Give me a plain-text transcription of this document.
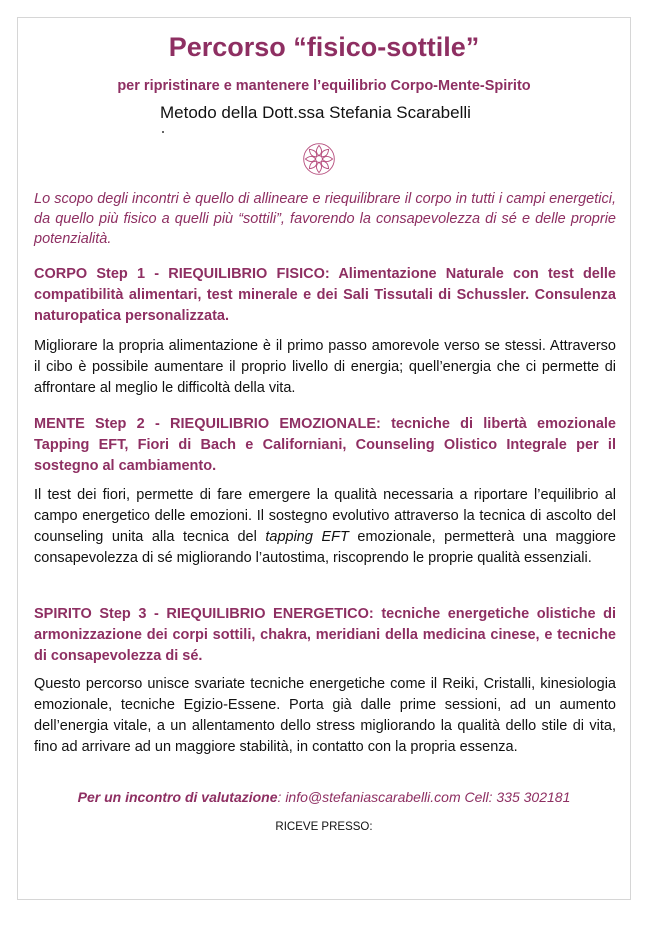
Percorso “fisico-sottile”

per ripristinare e mantenere l’equilibrio Corpo-Mente-Spirito

Metodo della Dott.ssa Stefania Scarabelli

Lo scopo degli incontri è quello di allineare e riequilibrare il corpo in tutti i campi energetici, da quello più fisico a quelli più “sottili”, favorendo la consapevolezza di sé e delle proprie potenzialità.

CORPO Step 1 - RIEQUILIBRIO FISICO: Alimentazione Naturale con test delle compatibilità alimentari, test minerale e dei Sali Tissutali di Schussler. Consulenza naturopatica personalizzata.

Migliorare la propria alimentazione è il primo passo amorevole verso se stessi. Attraverso il cibo è possibile aumentare il proprio livello di energia; quell’energia che ci permette di affrontare al meglio le difficoltà della vita.

MENTE Step 2 - RIEQUILIBRIO EMOZIONALE: tecniche di libertà emozionale Tapping EFT, Fiori di Bach e Californiani, Counseling Olistico Integrale per il sostegno al cambiamento.

Il test dei fiori, permette di fare emergere la qualità necessaria a riportare l’equilibrio al campo energetico delle emozioni. Il sostegno evolutivo attraverso la tecnica di ascolto del counseling unita alla tecnica del tapping EFT emozionale, permetterà una maggiore consapevolezza di sé migliorando l’autostima, riscoprendo le proprie qualità essenziali.

SPIRITO Step 3 - RIEQUILIBRIO ENERGETICO: tecniche energetiche olistiche di armonizzazione dei corpi sottili, chakra, meridiani della medicina cinese, e tecniche di consapevolezza di sé.

Questo percorso unisce svariate tecniche energetiche come il Reiki, Cristalli, kinesiologia emozionale, tecniche Egizio-Essene. Porta già dalle prime sessioni, ad un aumento dell’energia vitale, a un allentamento dello stress migliorando la qualità dello stile di vita, fino ad arrivare ad un maggiore stabilità, in contatto con la propria essenza.

Per un incontro di valutazione: info@stefaniascarabelli.com Cell: 335 302181

RICEVE PRESSO:
